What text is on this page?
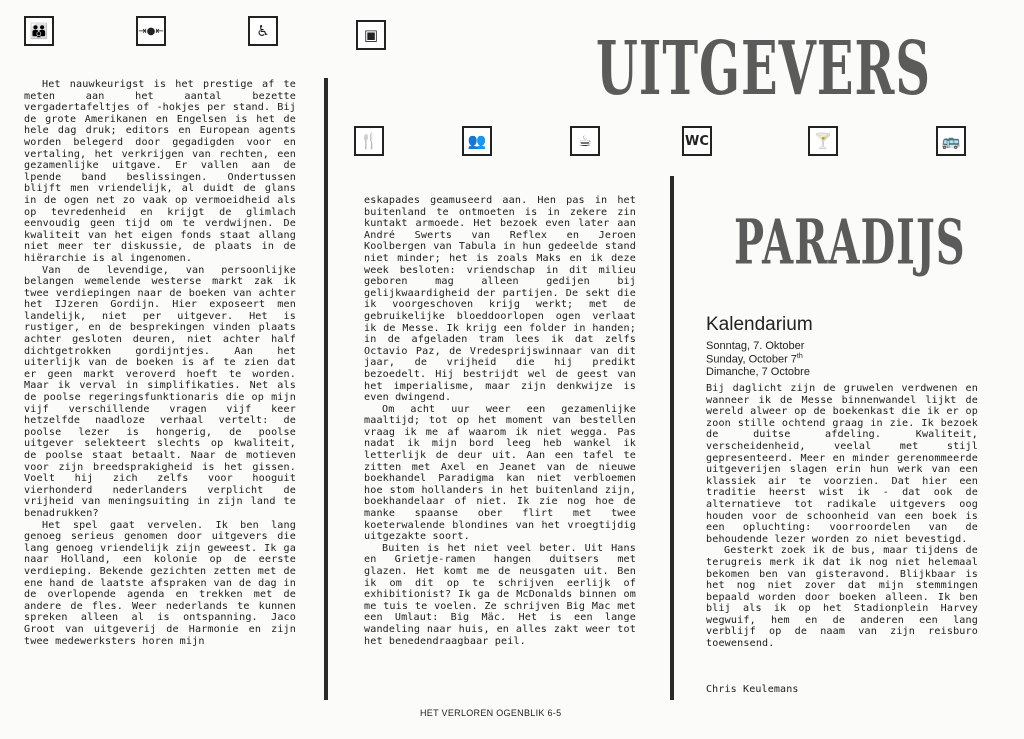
👪	⇥●⇤	♿	▣
🍴	👥	☕	WC	🍸	🚌
UITGEVERS
PARADIJS

Het nauwkeurigst is het prestige af te meten aan het aantal bezette vergadertafeltjes of -hokjes per stand. Bij de grote Amerikanen en Engelsen is het de hele dag druk; editors en European agents worden belegerd door gegadigden voor en vertaling, het verkrijgen van rechten, een gezamenlijke uitgave. Er vallen aan de lpende band beslissingen. Ondertussen blijft men vriendelijk, al duidt de glans in de ogen net zo vaak op vermoeidheid als op tevredenheid en krijgt de glimlach eenvoudig geen tijd om te verdwijnen. De kwaliteit van het eigen fonds staat allang niet meer ter diskussie, de plaats in de hiërarchie is al ingenomen.

Van de levendige, van persoonlijke belangen wemelende westerse markt zak ik twee verdiepingen naar de boeken van achter het IJzeren Gordijn. Hier exposeert men landelijk, niet per uitgever. Het is rustiger, en de besprekingen vinden plaats achter gesloten deuren, niet achter half dichtgetrokken gordijntjes. Aan het uiterlijk van de boeken is af te zien dat er geen markt veroverd hoeft te worden. Maar ik verval in simplifikaties. Net als de poolse regeringsfunktionaris die op mijn vijf verschillende vragen vijf keer hetzelfde naadloze verhaal vertelt: de poolse lezer is hongerig, de poolse uitgever selekteert slechts op kwaliteit, de poolse staat betaalt. Naar de motieven voor zijn breedsprakigheid is het gissen. Voelt hij zich zelfs voor hooguit vierhonderd nederlanders verplicht de vrijheid van meningsuiting in zijn land te benadrukken?

Het spel gaat vervelen. Ik ben lang genoeg serieus genomen door uitgevers die lang genoeg vriendelijk zijn geweest. Ik ga naar Holland, een kolonie op de eerste verdieping. Bekende gezichten zetten met de ene hand de laatste afspraken van de dag in de overlopende agenda en trekken met de andere de fles. Weer nederlands te kunnen spreken alleen al is ontspanning. Jaco Groot van uitgeverij de Harmonie en zijn twee medewerksters horen mijn

eskapades geamuseerd aan. Hen pas in het buitenland te ontmoeten is in zekere zin kuntakt armoede. Het bezoek even later aan André Swerts van Reflex en Jeroen Koolbergen van Tabula in hun gedeelde stand niet minder; het is zoals Maks en ik deze week besloten: vriendschap in dit milieu geboren mag alleen gedijen bij gelijkwaardigheid der partijen. De sekt die ik voorgeschoven krijg werkt; met de gebruikelijke bloeddoorlopen ogen verlaat ik de Messe. Ik krijg een folder in handen; in de afgeladen tram lees ik dat zelfs Octavio Paz, de Vredesprijswinnaar van dit jaar, de vrijheid die hij predikt bezoedelt. Hij bestrijdt wel de geest van het imperialisme, maar zijn denkwijze is even dwingend.

Om acht uur weer een gezamenlijke maaltijd; tot op het moment van bestellen vraag ik me af waarom ik niet wegga. Pas nadat ik mijn bord leeg heb wankel ik letterlijk de deur uit. Aan een tafel te zitten met Axel en Jeanet van de nieuwe boekhandel Paradigma kan niet verbloemen hoe stom hollanders in het buitenland zijn, boekhandelaar of niet. Ik zie nog hoe de manke spaanse ober flirt met twee koeterwalende blondines van het vroegtijdig uitgezakte soort.

Buiten is het niet veel beter. Uit Hans en Grietje-ramen hangen duitsers met glazen. Het komt me de neusgaten uit. Ben ik om dit op te schrijven eerlijk of exhibitionist? Ik ga de McDonalds binnen om me tuis te voelen. Ze schrijven Big Mac met een Umlaut: Big Mäc. Het is een lange wandeling naar huis, en alles zakt weer tot het benedendraagbaar peil.

Kalendarium
Sonntag, 7. Oktober
Sunday, October 7th
Dimanche, 7 Octobre

Bij daglicht zijn de gruwelen verdwenen en wanneer ik de Messe binnenwandel lijkt de wereld alweer op de boekenkast die ik er op zoon stille ochtend graag in zie. Ik bezoek de duitse afdeling. Kwaliteit, verscheidenheid, veelal met stijl gepresenteerd. Meer en minder gerenommeerde uitgeverijen slagen erin hun werk van een klassiek air te voorzien. Dat hier een traditie heerst wist ik - dat ook de alternatieve tot radikale uitgevers oog houden voor de schoonheid van een boek is een opluchting: voorroordelen van de behoudende lezer worden zo niet bevestigd.

Gesterkt zoek ik de bus, maar tijdens de terugreis merk ik dat ik nog niet helemaal bekomen ben van gisteravond. Blijkbaar is het nog niet zover dat mijn stemmingen bepaald worden door boeken alleen. Ik ben blij als ik op het Stadionplein Harvey wegwuif, hem en de anderen een lang verblijf op de naam van zijn reisburo toewensend.

Chris Keulemans
HET VERLOREN OGENBLIK 6-5
